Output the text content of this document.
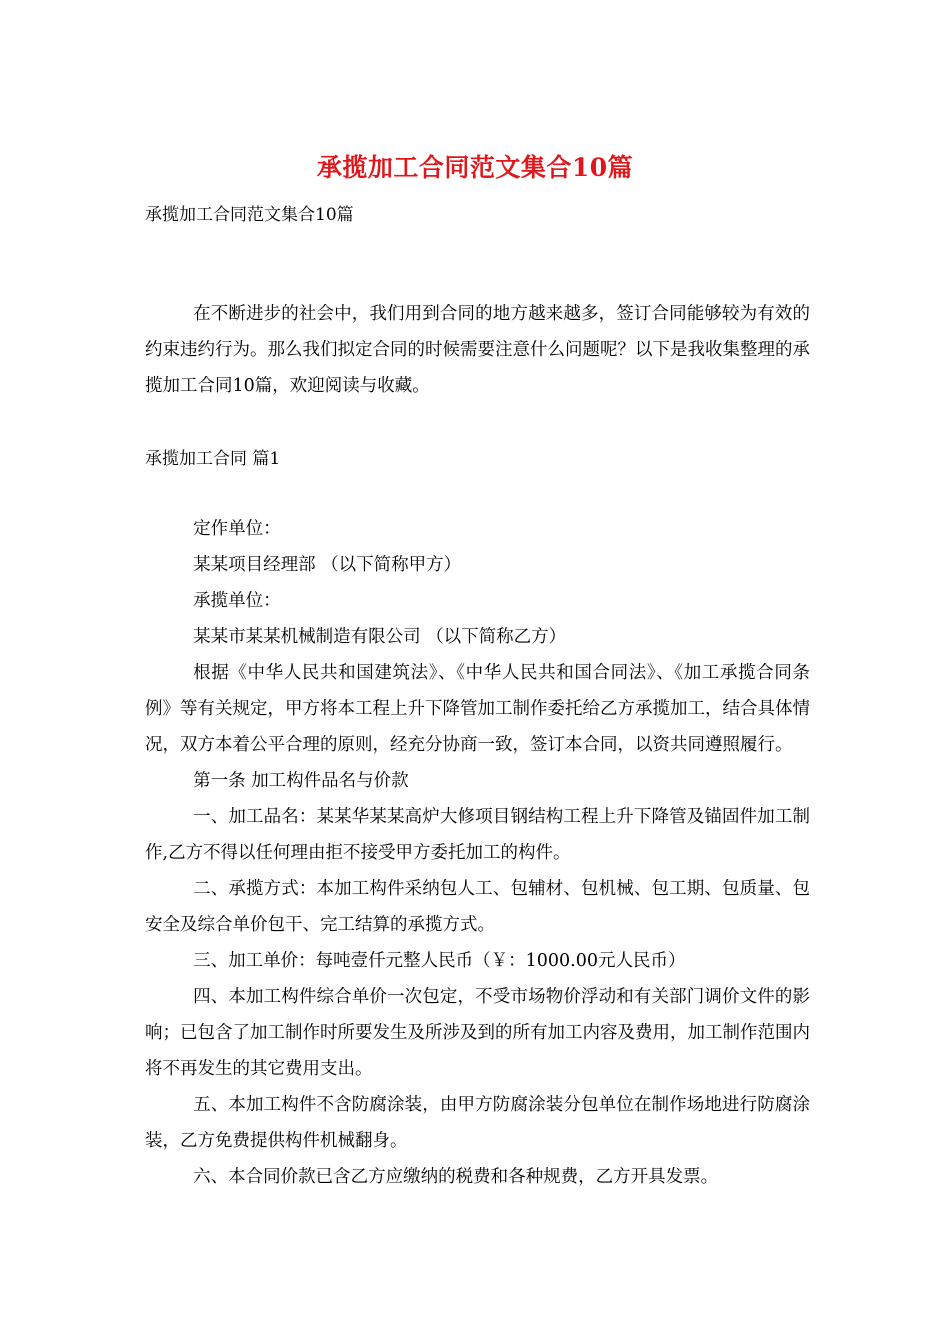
承揽加工合同范文集合10篇
承揽加工合同范文集合10篇

在不断进步的社会中，我们用到合同的地方越来越多，签订合同能够较为有效的约束违约行为。那么我们拟定合同的时候需要注意什么问题呢？以下是我收集整理的承揽加工合同10篇，欢迎阅读与收藏。

承揽加工合同 篇1

定作单位：

某某项目经理部 （以下简称甲方）

承揽单位：

某某市某某机械制造有限公司 （以下简称乙方）

根据《中华人民共和国建筑法》、《中华人民共和国合同法》、《加工承揽合同条例》等有关规定，甲方将本工程上升下降管加工制作委托给乙方承揽加工，结合具体情况，双方本着公平合理的原则，经充分协商一致，签订本合同，以资共同遵照履行。

第一条 加工构件品名与价款

一、加工品名：某某华某某高炉大修项目钢结构工程上升下降管及锚固件加工制作,乙方不得以任何理由拒不接受甲方委托加工的构件。

二、承揽方式：本加工构件采纳包人工、包辅材、包机械、包工期、包质量、包安全及综合单价包干、完工结算的承揽方式。

三、加工单价：每吨壹仟元整人民币（￥：1000.00元人民币）

四、本加工构件综合单价一次包定，不受市场物价浮动和有关部门调价文件的影响；已包含了加工制作时所要发生及所涉及到的所有加工内容及费用，加工制作范围内将不再发生的其它费用支出。

五、本加工构件不含防腐涂装，由甲方防腐涂装分包单位在制作场地进行防腐涂装，乙方免费提供构件机械翻身。

六、本合同价款已含乙方应缴纳的税费和各种规费，乙方开具发票。
